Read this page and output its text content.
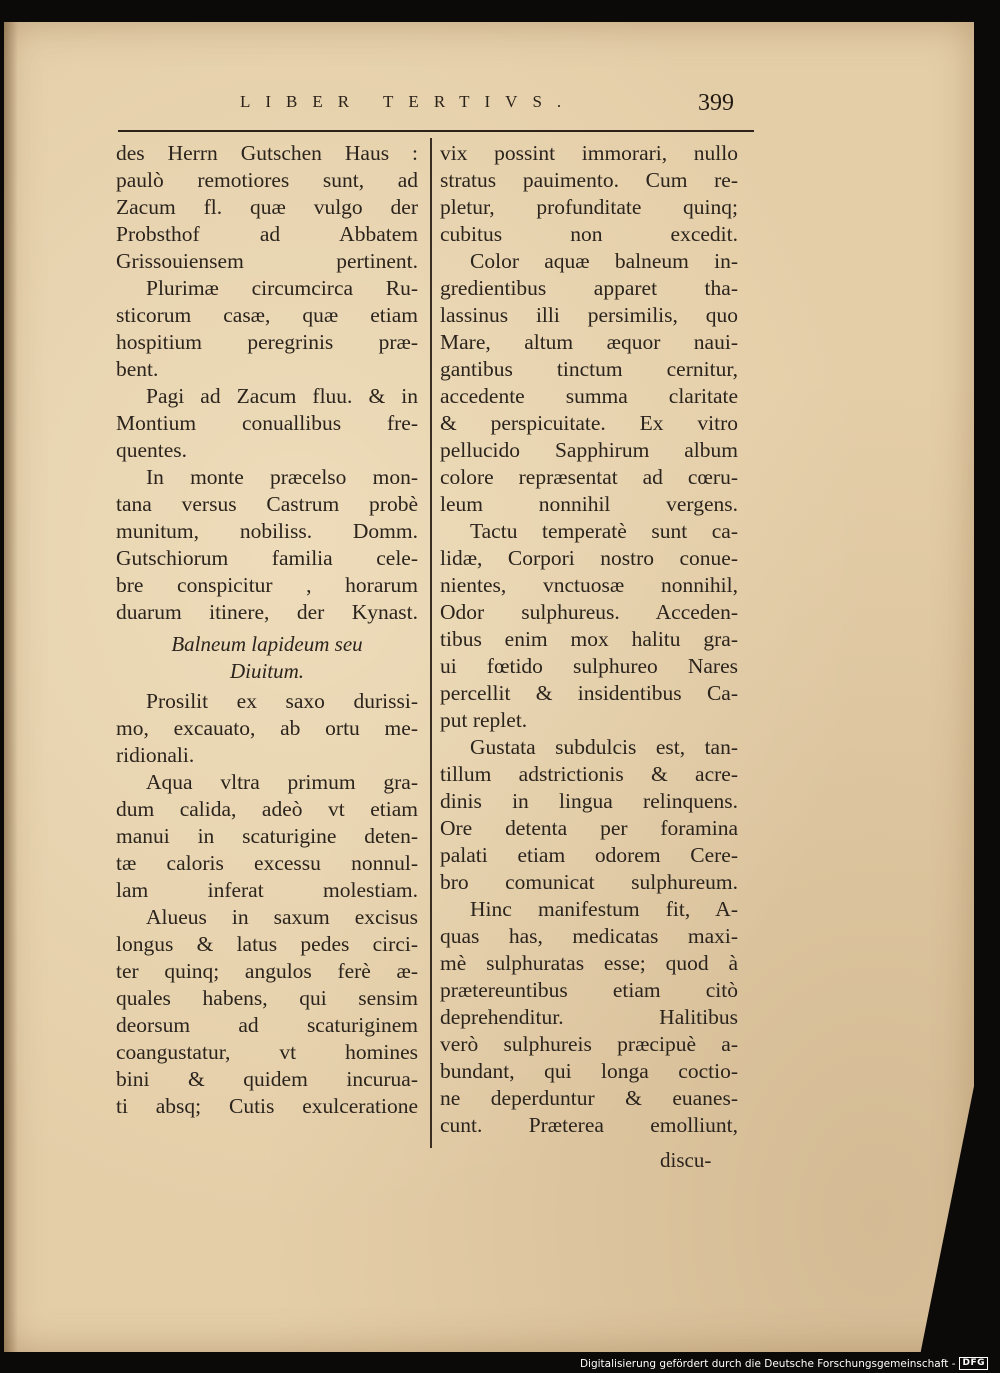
LIBER TERTIVS.	399
des Herrn Gutschen Haus :
paulò remotiores sunt, ad
Zacum fl. quæ vulgo der
Probsthof ad Abbatem
Grissouiensem pertinent.
Plurimæ circumcirca Ru-
sticorum casæ, quæ etiam
hospitium peregrinis præ-
bent.
Pagi ad Zacum fluu. & in
Montium conuallibus fre-
quentes.
In monte præcelso mon-
tana versus Castrum probè
munitum, nobiliss. Domm.
Gutschiorum familia cele-
bre conspicitur , horarum
duarum itinere, der Kynast.
Balneum lapideum seu
Diuitum.
Prosilit ex saxo durissi-
mo, excauato, ab ortu me-
ridionali.
Aqua vltra primum gra-
dum calida, adeò vt etiam
manui in scaturigine deten-
tæ caloris excessu nonnul-
lam inferat molestiam.
Alueus in saxum excisus
longus & latus pedes circi-
ter quinq; angulos ferè æ-
quales habens, qui sensim
deorsum ad scaturiginem
coangustatur, vt homines
bini & quidem incurua-
ti absq; Cutis exulceratione
vix possint immorari, nullo
stratus pauimento. Cum re-
pletur, profunditate quinq;
cubitus non excedit.
Color aquæ balneum in-
gredientibus apparet tha-
lassinus illi persimilis, quo
Mare, altum æquor naui-
gantibus tinctum cernitur,
accedente summa claritate
& perspicuitate. Ex vitro
pellucido Sapphirum album
colore repræsentat ad cœru-
leum nonnihil vergens.
Tactu temperatè sunt ca-
lidæ, Corpori nostro conue-
nientes, vnctuosæ nonnihil,
Odor sulphureus. Acceden-
tibus enim mox halitu gra-
ui fœtido sulphureo Nares
percellit & insidentibus Ca-
put replet.
Gustata subdulcis est, tan-
tillum adstrictionis & acre-
dinis in lingua relinquens.
Ore detenta per foramina
palati etiam odorem Cere-
bro comunicat sulphureum.
Hinc manifestum fit, A-
quas has, medicatas maxi-
mè sulphuratas esse; quod à
prætereuntibus etiam citò
deprehenditur. Halitibus
verò sulphureis præcipuè a-
bundant, qui longa coctio-
ne deperduntur & euanes-
cunt. Præterea emolliunt,
discu-
Digitalisierung gefördert durch die Deutsche Forschungsgemeinschaft - DFG
